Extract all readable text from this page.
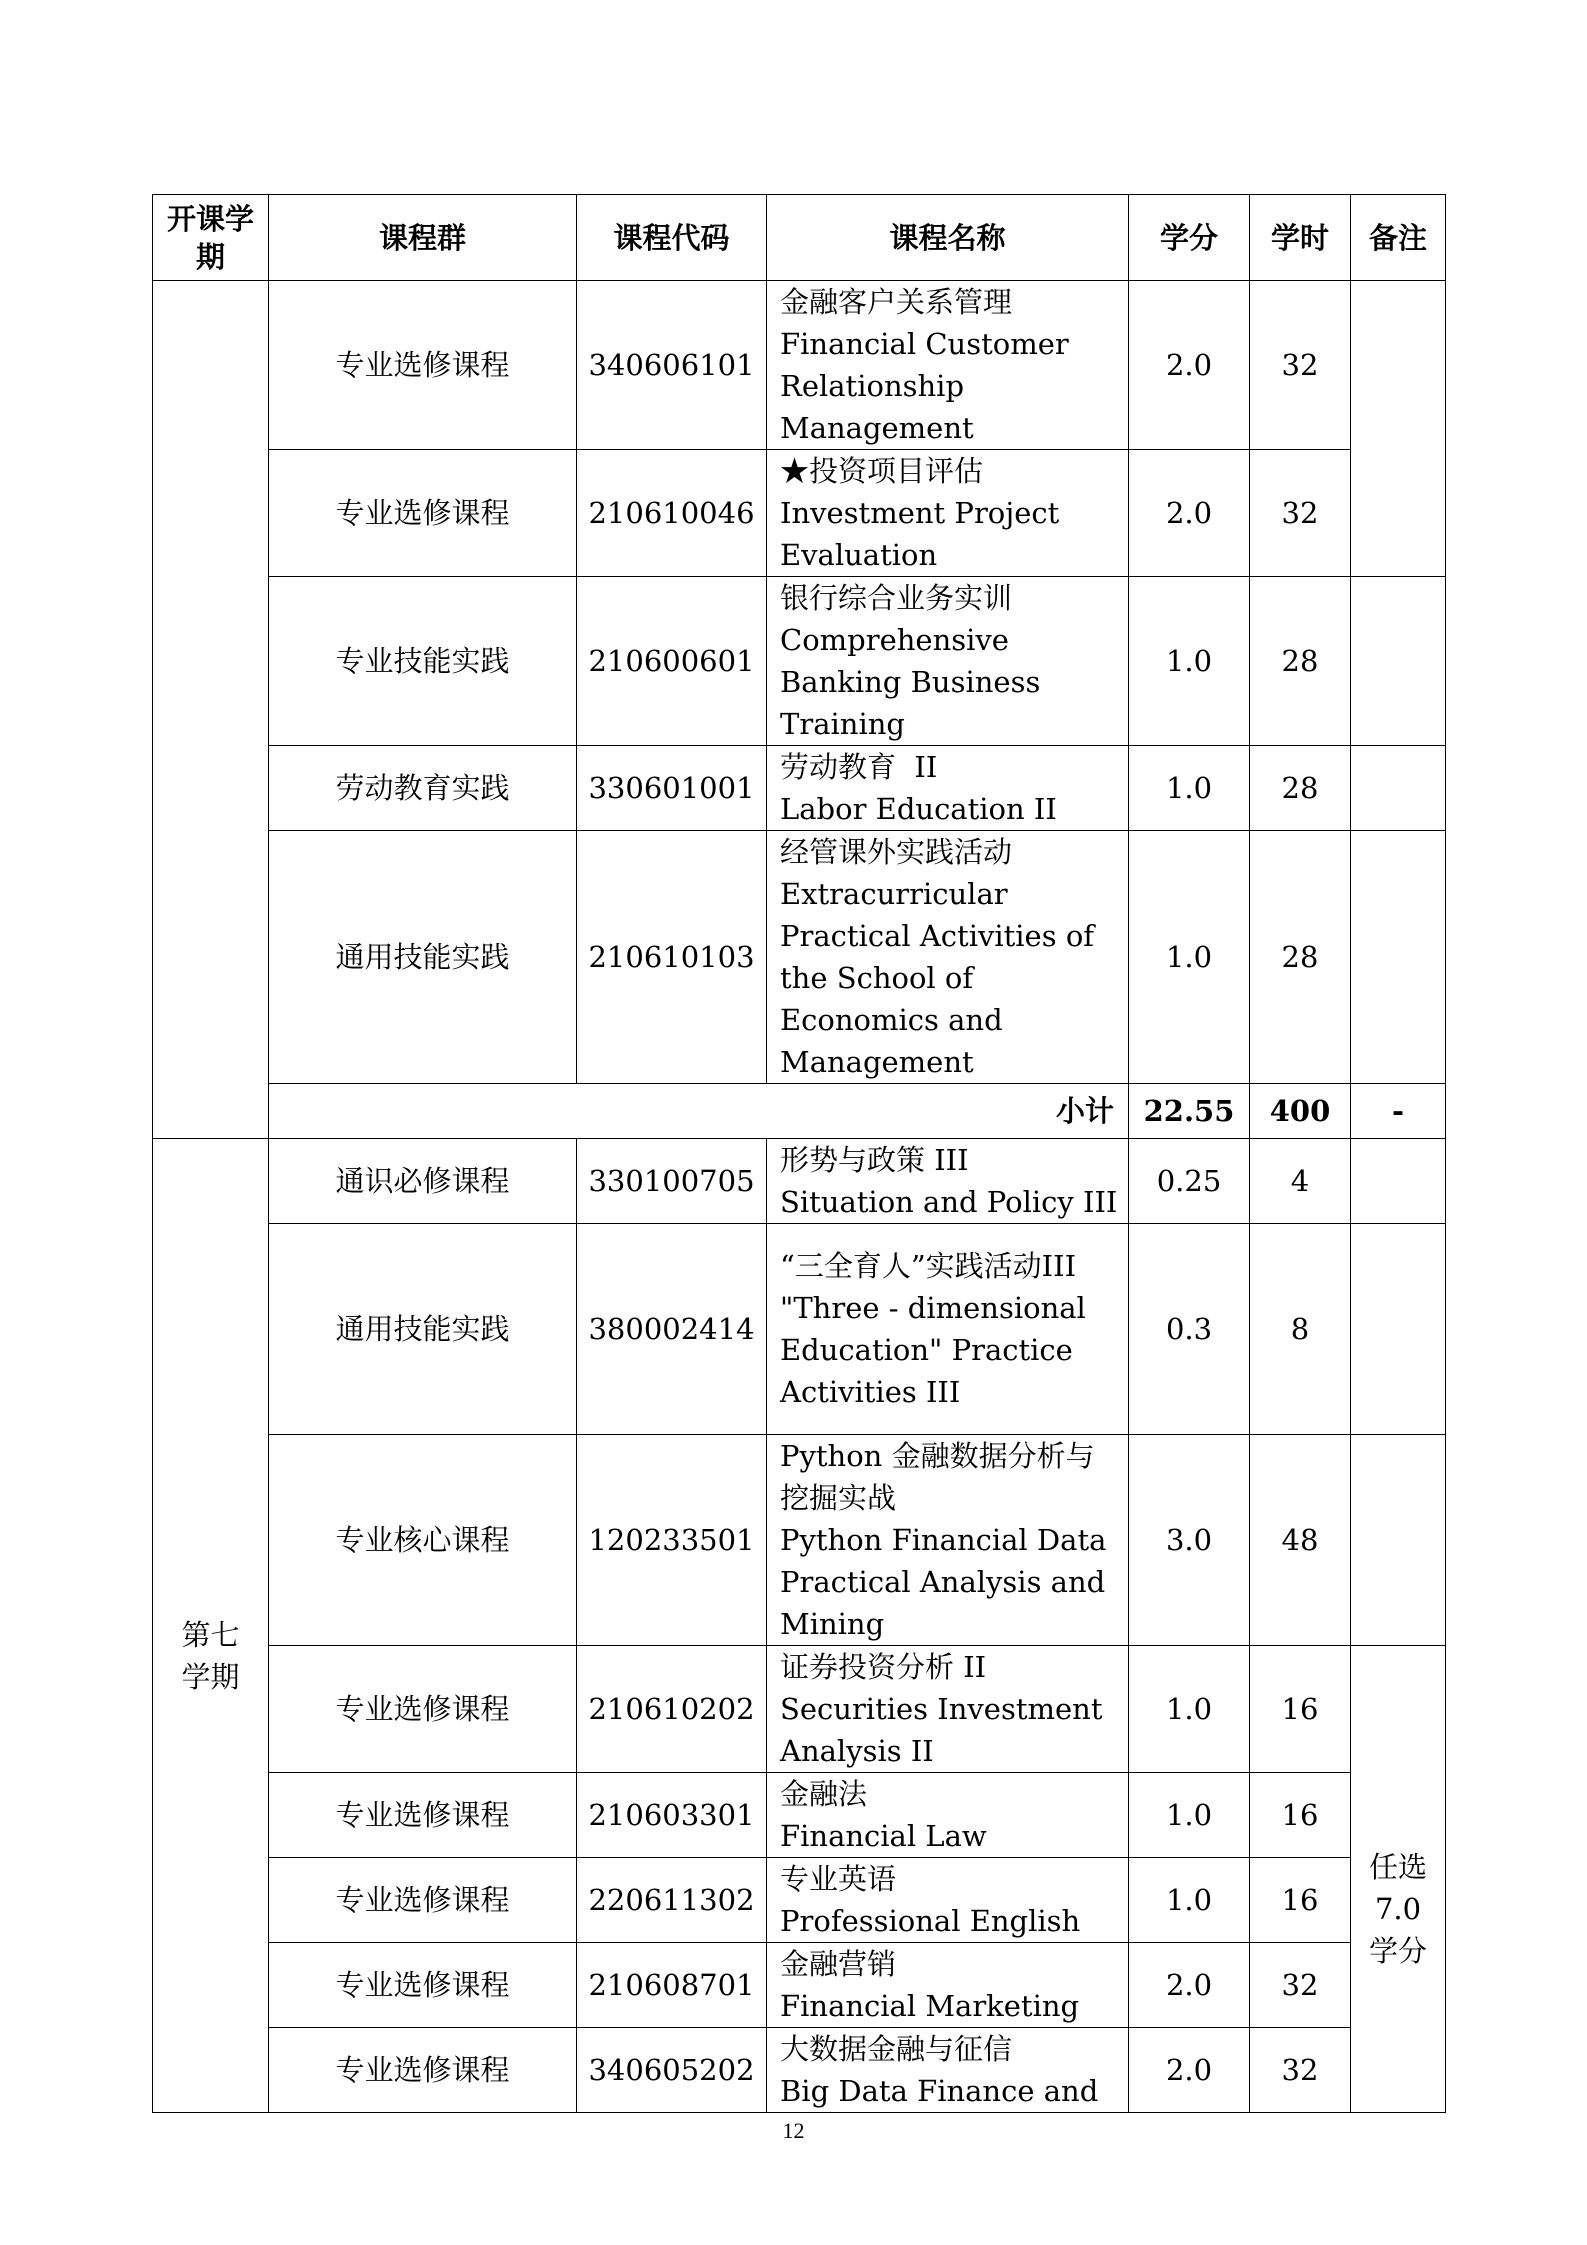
开课学期	课程群	课程代码	课程名称	学分	学时	备注
	专业选修课程	340606101	金融客户关系管理
Financial Customer Relationship Management	2.0	32	
	专业选修课程	210610046	★投资项目评估
Investment Project Evaluation	2.0	32	
	专业技能实践	210600601	银行综合业务实训
Comprehensive Banking Business Training	1.0	28	
	劳动教育实践	330601001	劳动教育  II
Labor Education II	1.0	28	
	通用技能实践	210610103	经管课外实践活动
Extracurricular Practical Activities of the School of Economics and Management	1.0	28	
	小计			22.55	400	-

第七学期	通识必修课程	330100705	形势与政策 III
Situation and Policy III	0.25	4	
	通用技能实践	380002414	“三全育人”实践活动III
"Three - dimensional Education" Practice Activities III	0.3	8	
	专业核心课程	120233501	Python 金融数据分析与挖掘实战
Python Financial Data Practical Analysis and Mining	3.0	48	
	专业选修课程	210610202	证券投资分析 II
Securities Investment Analysis II	1.0	16	任选7.0学分

	专业选修课程	210603301	金融法
Financial Law	1.0	16	
	专业选修课程	220611302	专业英语
Professional English	1.0	16	
	专业选修课程	210608701	金融营销
Financial Marketing	2.0	32	
	专业选修课程	340605202	大数据金融与征信
Big Data Finance and	2.0	32	
12
